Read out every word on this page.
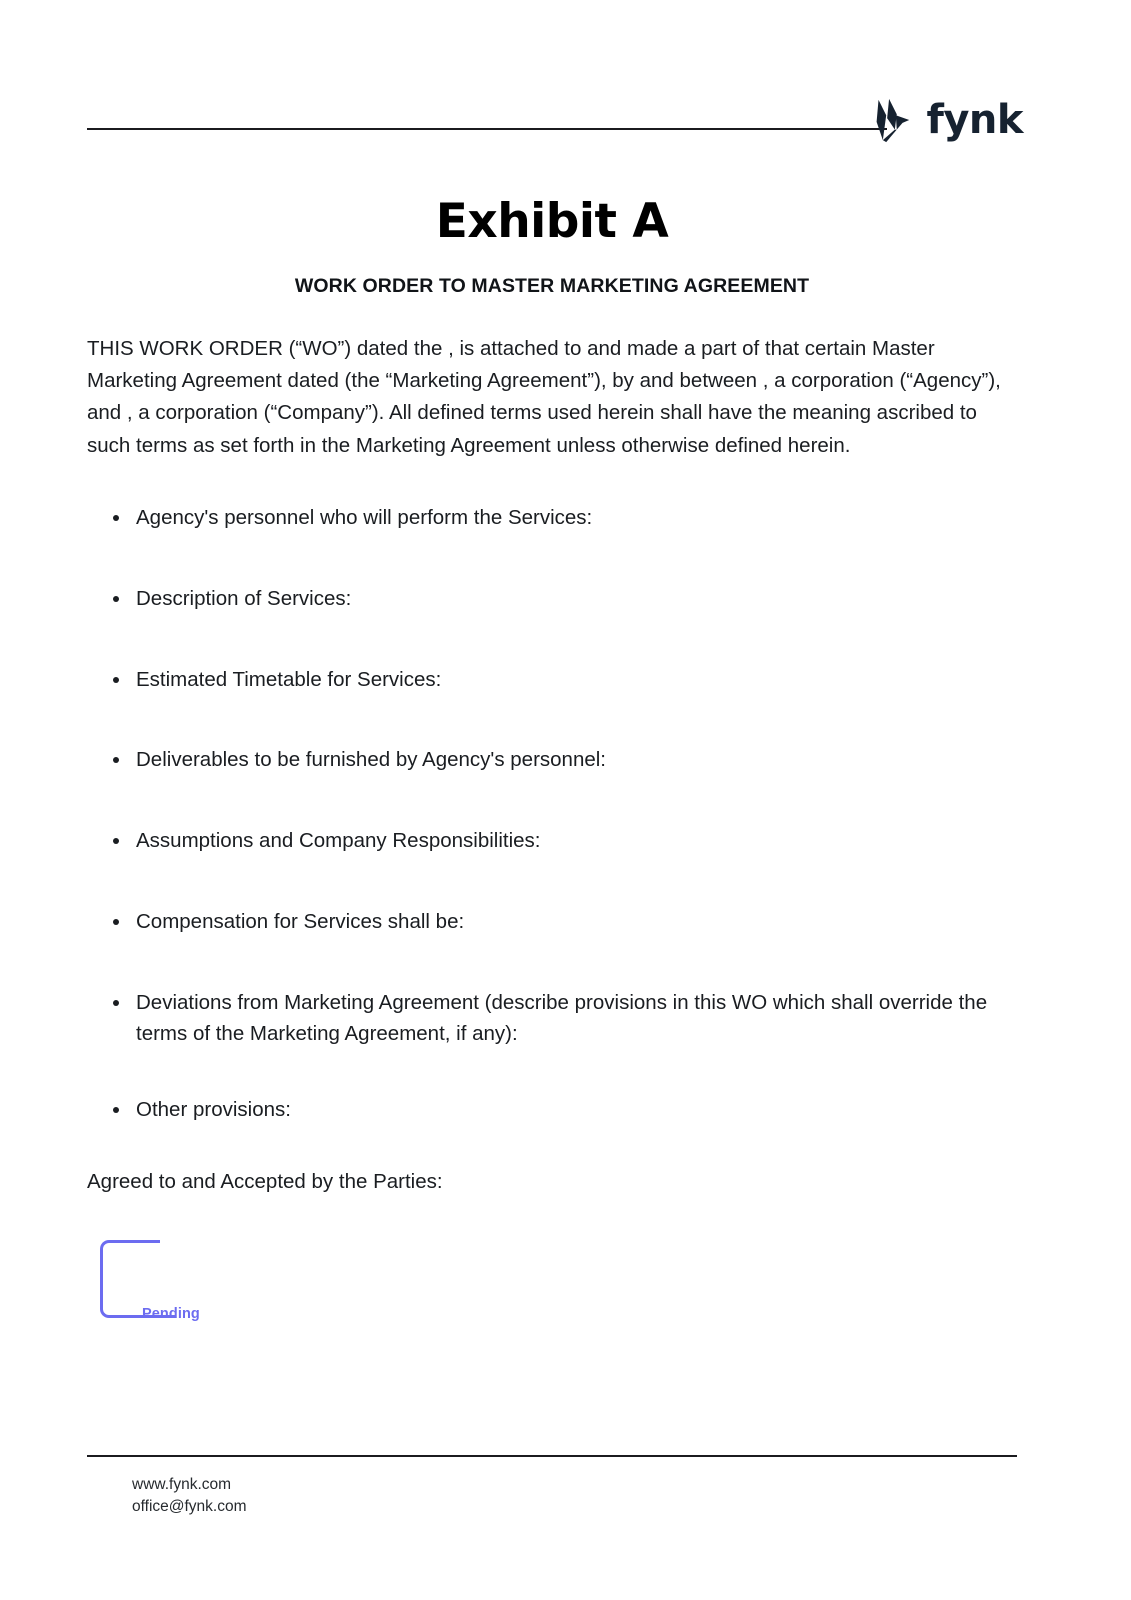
fynk
Exhibit A
WORK ORDER TO MASTER MARKETING AGREEMENT

THIS WORK ORDER (“WO”) dated the , is attached to and made a part of that certain Master Marketing Agreement dated (the “Marketing Agreement”), by and between , a corporation (“Agency”), and , a corporation (“Company”). All defined terms used herein shall have the meaning ascribed to such terms as set forth in the Marketing Agreement unless otherwise defined herein.

Agency's personnel who will perform the Services:
Description of Services:
Estimated Timetable for Services:
Deliverables to be furnished by Agency's personnel:
Assumptions and Company Responsibilities:
Compensation for Services shall be:
Deviations from Marketing Agreement (describe provisions in this WO which shall override the terms of the Marketing Agreement, if any):
Other provisions:

Agreed to and Accepted by the Parties:

Pending
www.fynk.com
office@fynk.com
